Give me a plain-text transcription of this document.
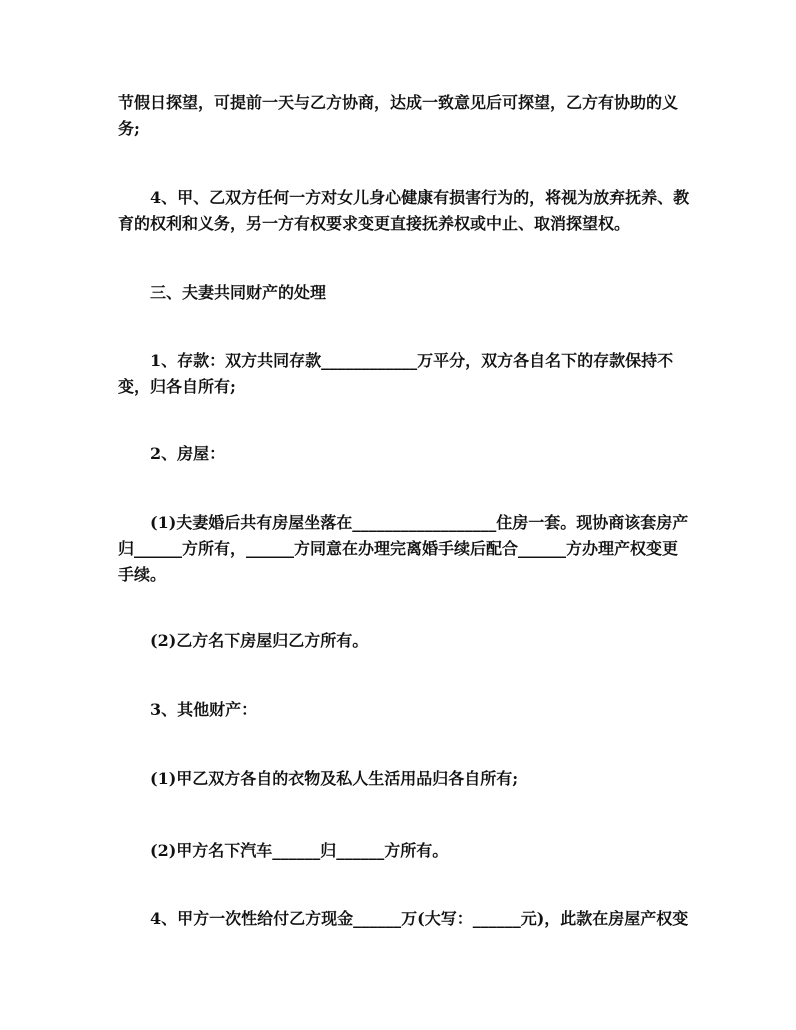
节假日探望，可提前一天与乙方协商，达成一致意见后可探望，乙方有协助的义
务;
4、甲、乙双方任何一方对女儿身心健康有损害行为的，将视为放弃抚养、教
育的权利和义务，另一方有权要求变更直接抚养权或中止、取消探望权。
三、夫妻共同财产的处理
1、存款：双方共同存款____________万平分，双方各自名下的存款保持不
变，归各自所有;
2、房屋：
(1)夫妻婚后共有房屋坐落在__________________住房一套。现协商该套房产
归______方所有，______方同意在办理完离婚手续后配合______方办理产权变更
手续。
(2)乙方名下房屋归乙方所有。
3、其他财产：
(1)甲乙双方各自的衣物及私人生活用品归各自所有;
(2)甲方名下汽车______归______方所有。
4、甲方一次性给付乙方现金______万(大写：______元)，此款在房屋产权变
